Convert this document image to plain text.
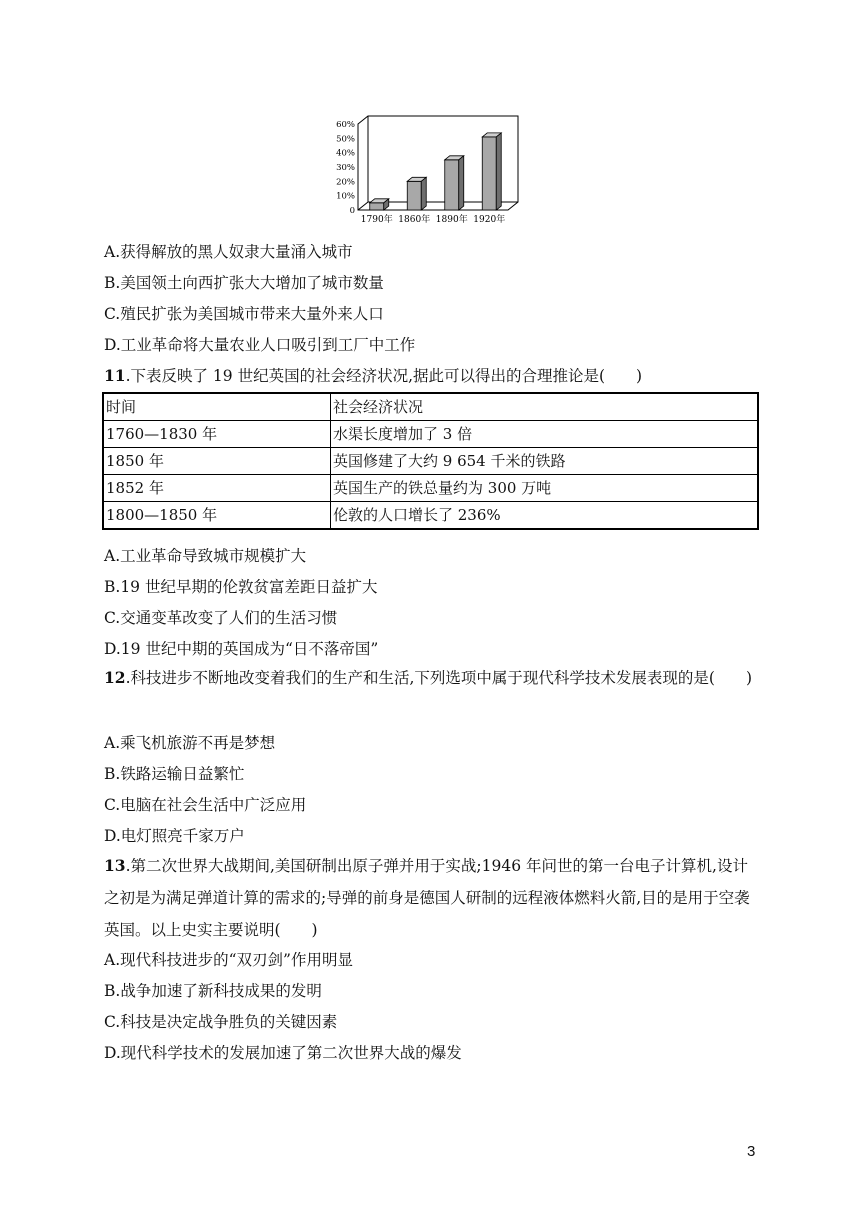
60%
50%
40%
30%
20%
10%
0
1790年 1860年 1890年 1920年
A.获得解放的黑人奴隶大量涌入城市
B.美国领土向西扩张大大增加了城市数量
C.殖民扩张为美国城市带来大量外来人口
D.工业革命将大量农业人口吸引到工厂中工作
11.下表反映了 19 世纪英国的社会经济状况,据此可以得出的合理推论是(　　)
时间	社会经济状况
1760—1830 年	水渠长度增加了 3 倍
1850 年	英国修建了大约 9 654 千米的铁路
1852 年	英国生产的铁总量约为 300 万吨
1800—1850 年	伦敦的人口增长了 236%
A.工业革命导致城市规模扩大
B.19 世纪早期的伦敦贫富差距日益扩大
C.交通变革改变了人们的生活习惯
D.19 世纪中期的英国成为“日不落帝国”
12.科技进步不断地改变着我们的生产和生活,下列选项中属于现代科学技术发展表现的是(　　)
A.乘飞机旅游不再是梦想
B.铁路运输日益繁忙
C.电脑在社会生活中广泛应用
D.电灯照亮千家万户
13.第二次世界大战期间,美国研制出原子弹并用于实战;1946 年问世的第一台电子计算机,设计之初是为满足弹道计算的需求的;导弹的前身是德国人研制的远程液体燃料火箭,目的是用于空袭英国。以上史实主要说明(　　)
A.现代科技进步的“双刃剑”作用明显
B.战争加速了新科技成果的发明
C.科技是决定战争胜负的关键因素
D.现代科学技术的发展加速了第二次世界大战的爆发
3
